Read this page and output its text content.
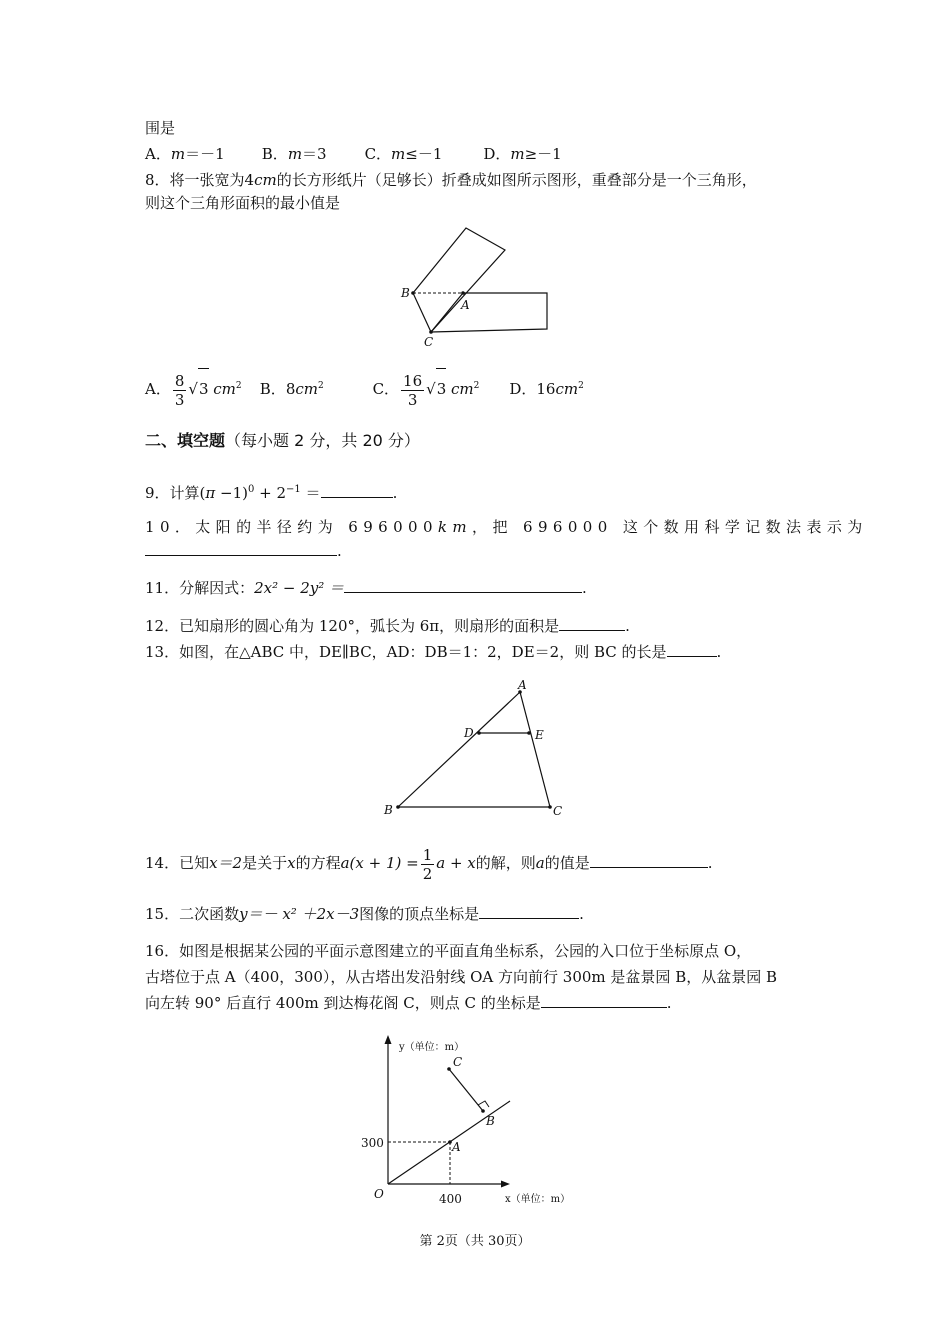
围是
A．m＝－1 B．m＝3	C．m≤－1	D．m≥－1
8．将一张宽为4cm的长方形纸片（足够长）折叠成如图所示图形，重叠部分是一个三角形，
则这个三角形面积的最小值是
B
A
C
A． $\frac{8}{3} √3$ $cm^2$ B．$8cm^2$	C． $\frac{16}{3} √3$ $cm^2$ D．$16cm^2$
二、填空题（每小题 2 分，共 20 分）
9．计算$(\pi -1)^0 + 2^{-1}$ ＝	.
10．太阳的半径约为 696000km，把 696000 这个数用科学记数法表示为
.
11．分解因式：2x² − 2y² ＝	.
12．已知扇形的圆心角为 120°，弧长为 6π，则扇形的面积是	.
13．如图，在△ABC 中，DE∥BC，AD：DB＝1：2，DE＝2，则 BC 的长是	.
A
D	E
B	C
14．已知x＝2是关于x的方程$a(x + 1) = \frac{1}{2}$ a + x的解，则a的值是	.
15．二次函数y＝－ x² ＋2x－3图像的顶点坐标是	.
16．如图是根据某公园的平面示意图建立的平面直角坐标系，公园的入口位于坐标原点 O，
古塔位于点 A（400，300），从古塔出发沿射线 OA 方向前行 300m 是盆景园 B，从盆景园 B
向左转 90° 后直行 400m 到达梅花阁 C，则点 C 的坐标是	.
y（单位：m）
x（单位：m）
300
400
O
A
B
C
第 2页（共 30页）
